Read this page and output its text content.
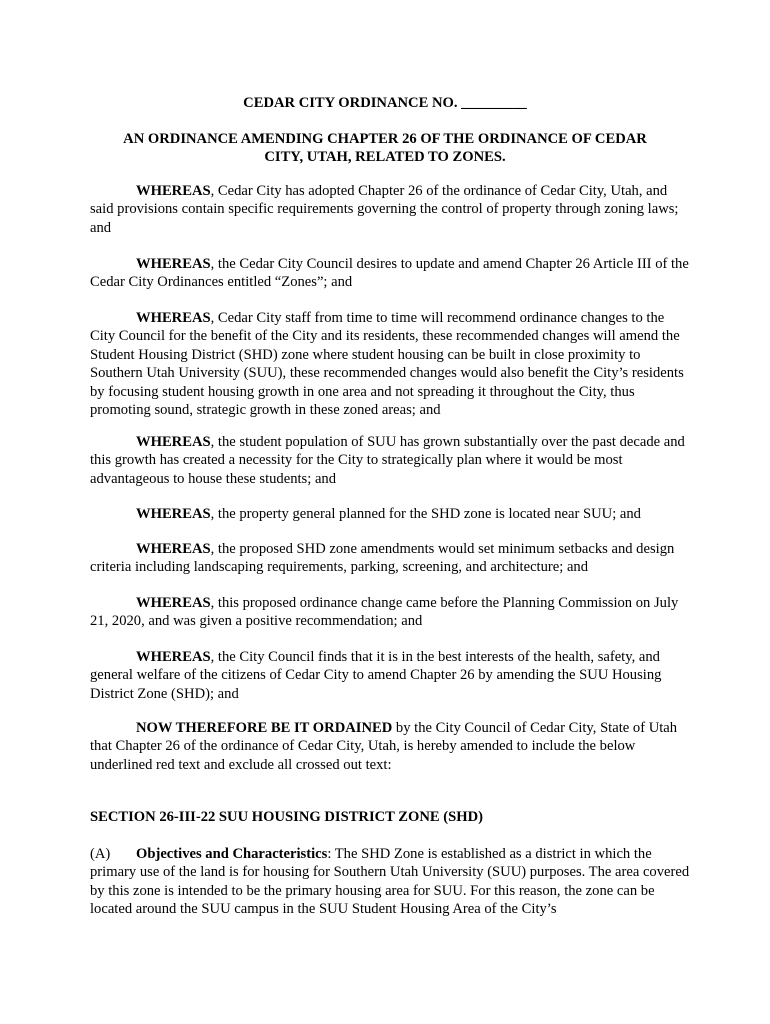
CEDAR CITY ORDINANCE NO. _________
AN ORDINANCE AMENDING CHAPTER 26 OF THE ORDINANCE OF CEDAR CITY, UTAH, RELATED TO ZONES.

WHEREAS, Cedar City has adopted Chapter 26 of the ordinance of Cedar City, Utah, and said provisions contain specific requirements governing the control of property through zoning laws; and

WHEREAS, the Cedar City Council desires to update and amend Chapter 26 Article III of the Cedar City Ordinances entitled “Zones”; and

WHEREAS, Cedar City staff from time to time will recommend ordinance changes to the City Council for the benefit of the City and its residents, these recommended changes will amend the Student Housing District (SHD) zone where student housing can be built in close proximity to Southern Utah University (SUU), these recommended changes would also benefit the City’s residents by focusing student housing growth in one area and not spreading it throughout the City, thus promoting sound, strategic growth in these zoned areas; and

WHEREAS, the student population of SUU has grown substantially over the past decade and this growth has created a necessity for the City to strategically plan where it would be most advantageous to house these students; and

WHEREAS, the property general planned for the SHD zone is located near SUU; and

WHEREAS, the proposed SHD zone amendments would set minimum setbacks and design criteria including landscaping requirements, parking, screening, and architecture; and

WHEREAS, this proposed ordinance change came before the Planning Commission on July 21, 2020, and was given a positive recommendation; and

WHEREAS, the City Council finds that it is in the best interests of the health, safety, and general welfare of the citizens of Cedar City to amend Chapter 26 by amending the SUU Housing District Zone (SHD); and

NOW THEREFORE BE IT ORDAINED by the City Council of Cedar City, State of Utah that Chapter 26 of the ordinance of Cedar City, Utah, is hereby amended to include the below underlined red text and exclude all crossed out text:

SECTION 26-III-22 SUU HOUSING DISTRICT ZONE (SHD)

(A) Objectives and Characteristics: The SHD Zone is established as a district in which the primary use of the land is for housing for Southern Utah University (SUU) purposes. The area covered by this zone is intended to be the primary housing area for SUU. For this reason, the zone can be located around the SUU campus in the SUU Student Housing Area of the City’s
